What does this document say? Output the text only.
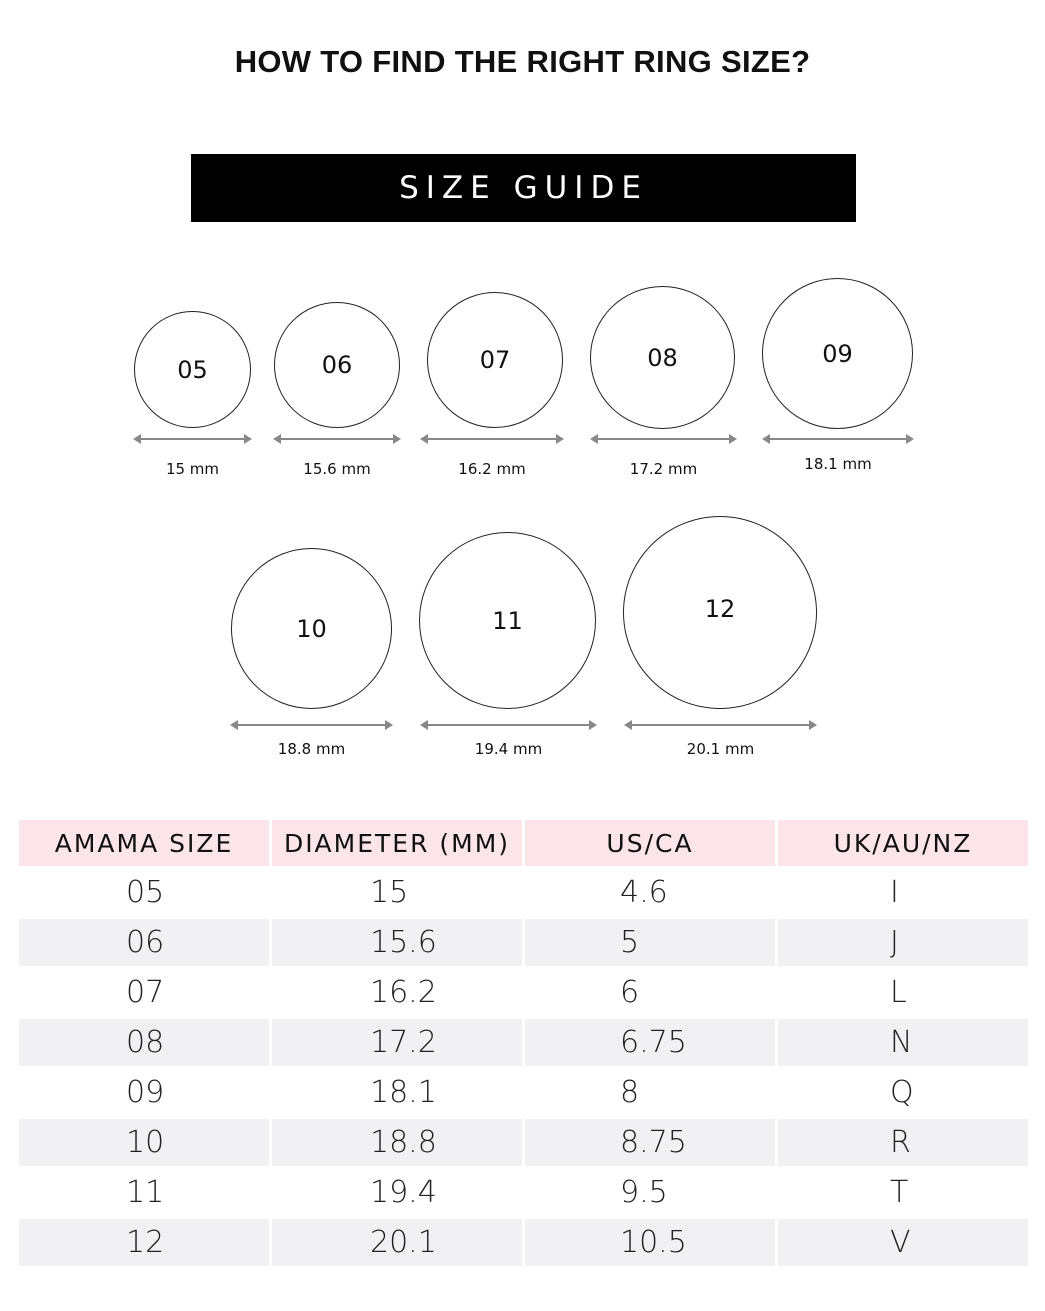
HOW TO FIND THE RIGHT RING SIZE?
SIZE GUIDE
05
15 mm
06
15.6 mm
07
16.2 mm
08
17.2 mm
09
18.1 mm
10
18.8 mm
11
19.4 mm
12
20.1 mm
AMAMA SIZE	DIAMETER (MM)	US/CA	UK/AU/NZ
05	15	4.6	I
06	15.6	5	J
07	16.2	6	L
08	17.2	6.75	N
09	18.1	8	Q
10	18.8	8.75	R
11	19.4	9.5	T
12	20.1	10.5	V
